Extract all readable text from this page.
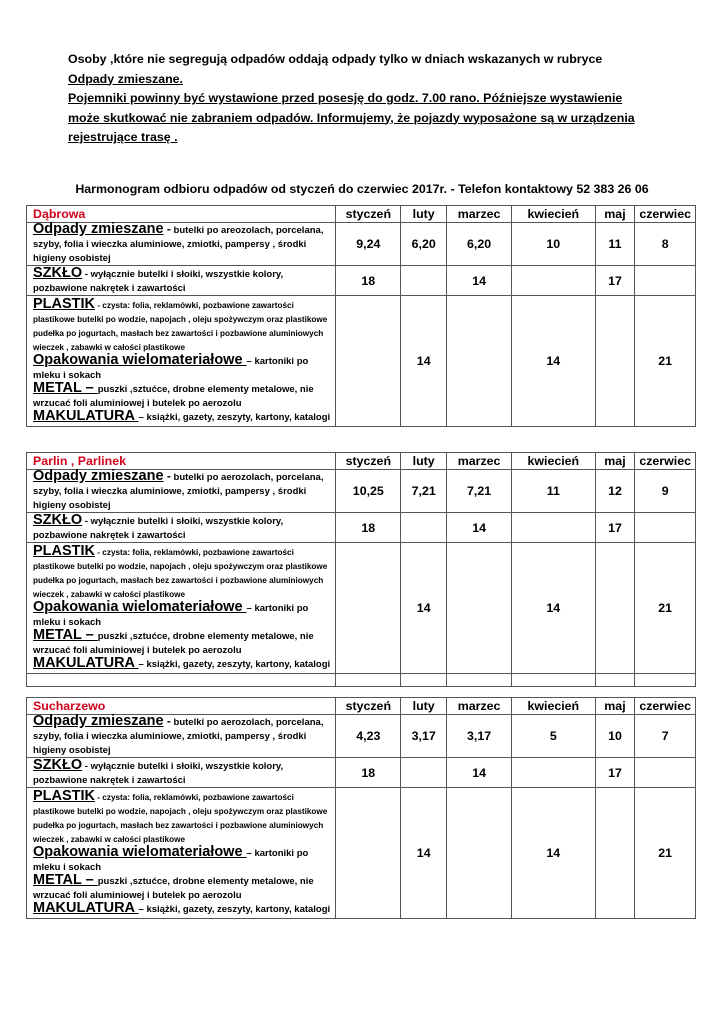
Osoby ,które nie segregują odpadów oddają odpady tylko w dniach wskazanych w rubryce Odpady zmieszane.
Pojemniki powinny być wystawione przed posesję do godz. 7.00 rano. Późniejsze wystawienie może skutkować nie zabraniem odpadów. Informujemy, że pojazdy wyposażone są w urządzenia rejestrujące trasę .
Harmonogram odbioru odpadów od styczeń do czerwiec 2017r. - Telefon kontaktowy 52 383 26 06
Dąbrowa	styczeń	luty	marzec	kwiecień	maj	czerwiec
Odpady zmieszane - butelki po areozolach, porcelana, szyby, folia i wieczka aluminiowe, zmiotki, pampersy , środki higieny osobistej	9,24	6,20	6,20	10	11	8
SZKŁO - wyłącznie butelki i słoiki, wszystkie kolory, pozbawione nakrętek i zawartości	18		14		17	

PLASTIK - czysta: folia, reklamówki, pozbawione zawartości plastikowe butelki po wodzie, napojach , oleju spożywczym oraz plastikowe pudełka po jogurtach, masłach bez zawartości i pozbawione aluminiowych wieczek , zabawki w całości plastikowe
Opakowania wielomateriałowe – kartoniki po mleku i sokach
METAL – puszki ,sztućce, drobne elementy metalowe, nie wrzucać foli aluminiowej i butelek po aerozolu
MAKULATURA – książki, gazety, zeszyty, kartony, katalogi		14		14		21
Parlin , Parlinek	styczeń	luty	marzec	kwiecień	maj	czerwiec
Odpady zmieszane - butelki po aerozolach, porcelana, szyby, folia i wieczka aluminiowe, zmiotki, pampersy , środki higieny osobistej	10,25	7,21	7,21	11	12	9
SZKŁO - wyłącznie butelki i słoiki, wszystkie kolory, pozbawione nakrętek i zawartości	18		14		17	

PLASTIK - czysta: folia, reklamówki, pozbawione zawartości plastikowe butelki po wodzie, napojach , oleju spożywczym oraz plastikowe pudełka po jogurtach, masłach bez zawartości i pozbawione aluminiowych wieczek , zabawki w całości plastikowe
Opakowania wielomateriałowe – kartoniki po mleku i sokach
METAL – puszki ,sztućce, drobne elementy metalowe, nie wrzucać foli aluminiowej i butelek po aerozolu
MAKULATURA – książki, gazety, zeszyty, kartony, katalogi		14		14		21

Sucharzewo	styczeń	luty	marzec	kwiecień	maj	czerwiec
Odpady zmieszane - butelki po aerozolach, porcelana, szyby, folia i wieczka aluminiowe, zmiotki, pampersy , środki higieny osobistej	4,23	3,17	3,17	5	10	7
SZKŁO - wyłącznie butelki i słoiki, wszystkie kolory, pozbawione nakrętek i zawartości	18		14		17	

PLASTIK - czysta: folia, reklamówki, pozbawione zawartości plastikowe butelki po wodzie, napojach , oleju spożywczym oraz plastikowe pudełka po jogurtach, masłach bez zawartości i pozbawione aluminiowych wieczek , zabawki w całości plastikowe
Opakowania wielomateriałowe – kartoniki po mleku i sokach
METAL – puszki ,sztućce, drobne elementy metalowe, nie wrzucać foli aluminiowej i butelek po aerozolu
MAKULATURA – książki, gazety, zeszyty, kartony, katalogi		14		14		21
